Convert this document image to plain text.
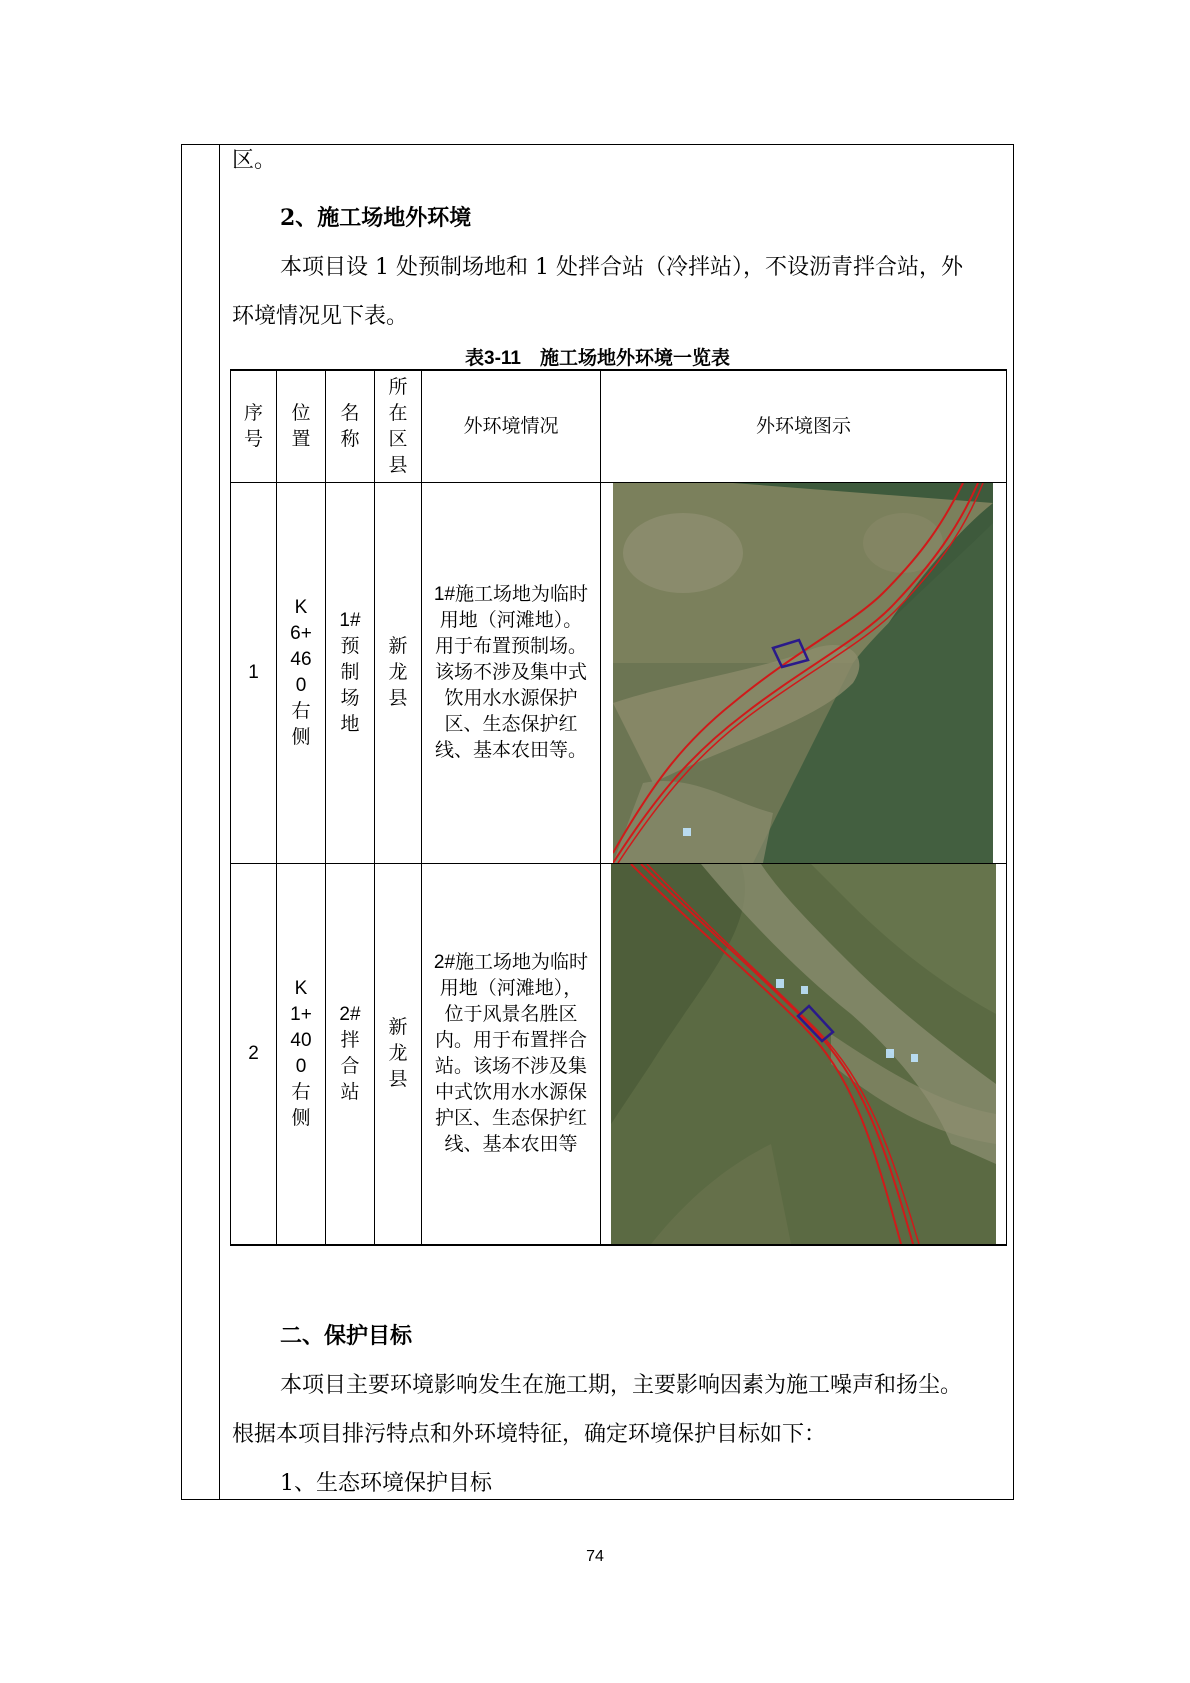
区。
2、施工场地外环境
本项目设 1 处预制场地和 1 处拌合站（冷拌站），不设沥青拌合站，外
环境情况见下表。
表3-11　施工场地外环境一览表
序号	位置	名称	所在区县	外环境情况	外环境图示
1	K6+460右侧	1#预制场地	新龙县	1#施工场地为临时用地（河滩地）。用于布置预制场。该场不涉及集中式饮用水水源保护区、生态保护红线、基本农田等。	

2	K1+400右侧	2#拌合站	新龙县	2#施工场地为临时用地（河滩地），位于风景名胜区内。用于布置拌合站。该场不涉及集中式饮用水水源保护区、生态保护红线、基本农田等	
二、保护目标
本项目主要环境影响发生在施工期，主要影响因素为施工噪声和扬尘。
根据本项目排污特点和外环境特征，确定环境保护目标如下：
1、生态环境保护目标
74
